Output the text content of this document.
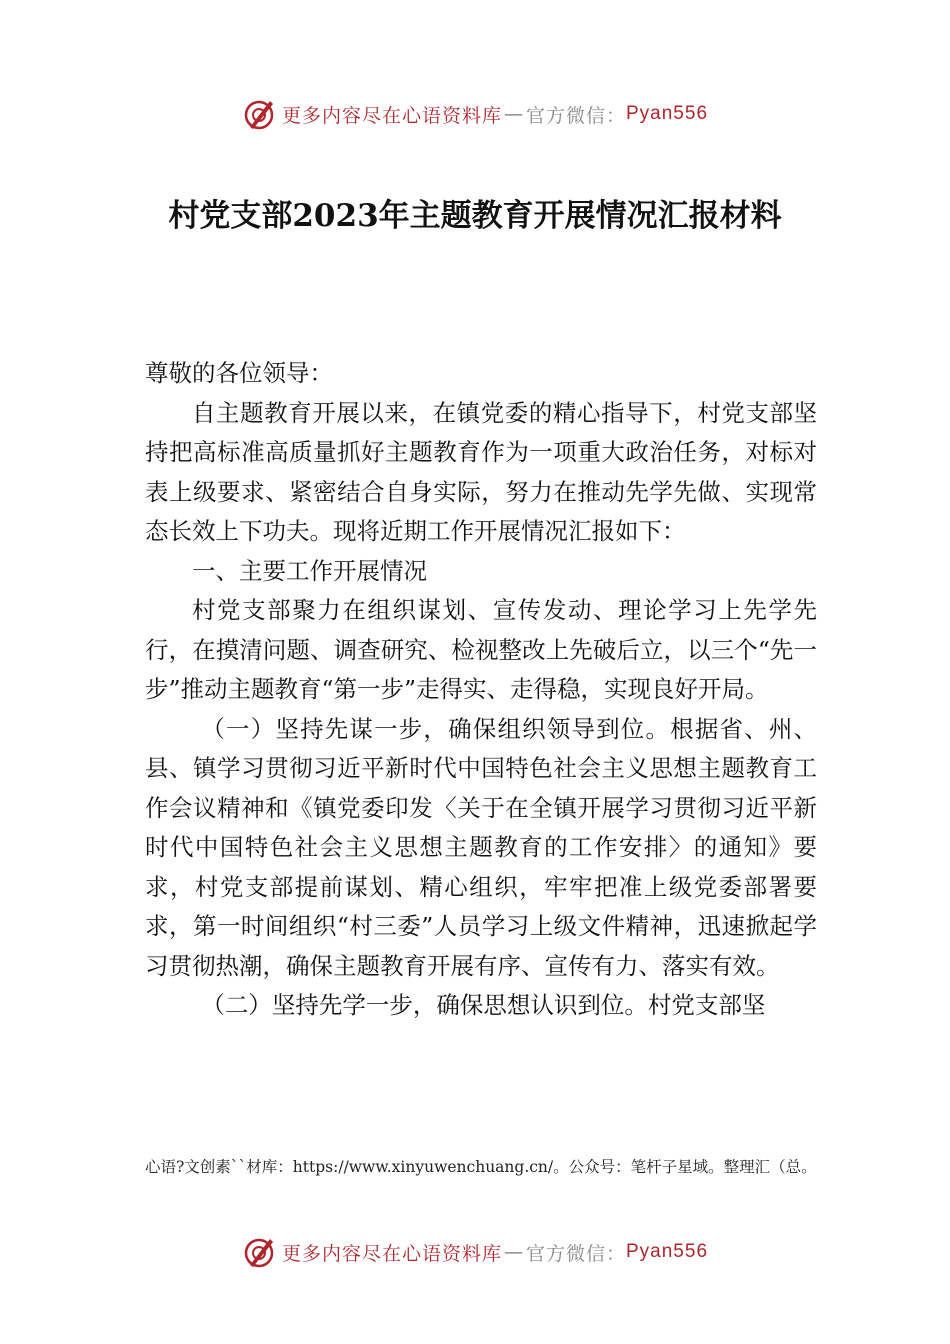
更多内容尽在心语资料库 — 官方微信： Pyan556
村党支部2023年主题教育开展情况汇报材料

尊敬的各位领导：

自主题教育开展以来，在镇党委的精心指导下，村党支部坚持把高标准高质量抓好主题教育作为一项重大政治任务，对标对表上级要求、紧密结合自身实际，努力在推动先学先做、实现常态长效上下功夫。现将近期工作开展情况汇报如下：

一、主要工作开展情况

村党支部聚力在组织谋划、宣传发动、理论学习上先学先行，在摸清问题、调查研究、检视整改上先破后立，以三个“先一步”推动主题教育“第一步”走得实、走得稳，实现良好开局。

（一）坚持先谋一步，确保组织领导到位。根据省、州、县、镇学习贯彻习近平新时代中国特色社会主义思想主题教育工作会议精神和《镇党委印发〈关于在全镇开展学习贯彻习近平新时代中国特色社会主义思想主题教育的工作安排〉的通知》要求，村党支部提前谋划、精心组织，牢牢把准上级党委部署要求，第一时间组织“村三委”人员学习上级文件精神，迅速掀起学习贯彻热潮，确保主题教育开展有序、宣传有力、落实有效。

（二）坚持先学一步，确保思想认识到位。村党支部坚

心语?文创素``材库：https://www.xinyuwenchuang.cn/。公众号：笔杆子星域。整理汇（总。
更多内容尽在心语资料库 — 官方微信： Pyan556
